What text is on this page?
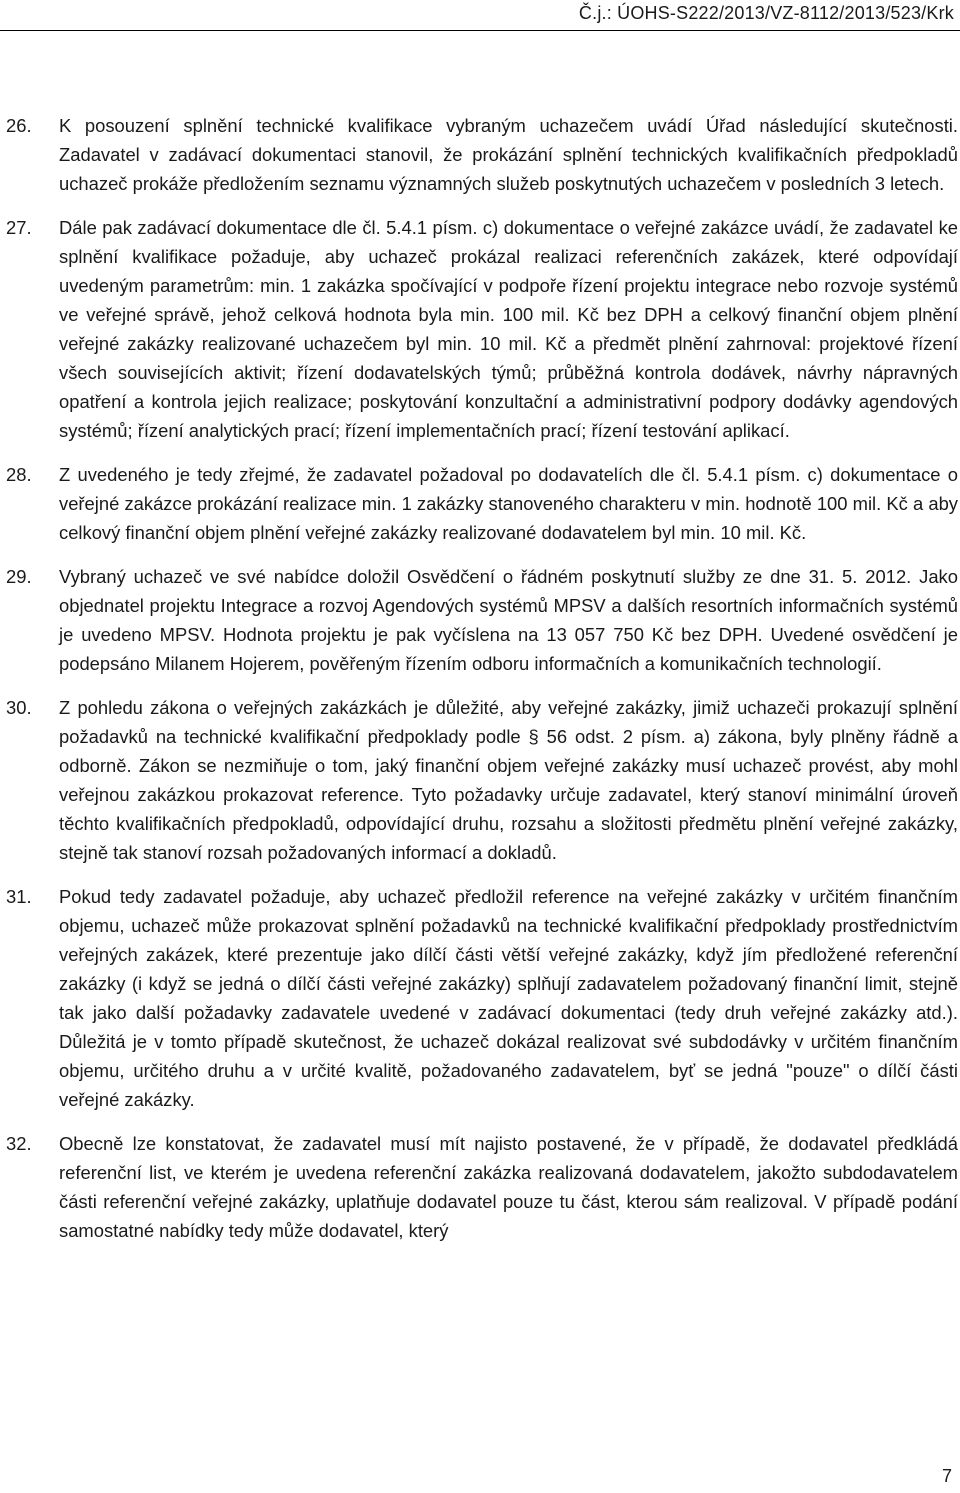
Č.j.: ÚOHS-S222/2013/VZ-8112/2013/523/Krk
26.	K posouzení splnění technické kvalifikace vybraným uchazečem uvádí Úřad následující skutečnosti. Zadavatel v zadávací dokumentaci stanovil, že prokázání splnění technických kvalifikačních předpokladů uchazeč prokáže předložením seznamu významných služeb poskytnutých uchazečem v posledních 3 letech.
27.	Dále pak zadávací dokumentace dle čl. 5.4.1 písm. c) dokumentace o veřejné zakázce uvádí, že zadavatel ke splnění kvalifikace požaduje, aby uchazeč prokázal realizaci referenčních zakázek, které odpovídají uvedeným parametrům: min. 1 zakázka spočívající v podpoře řízení projektu integrace nebo rozvoje systémů ve veřejné správě, jehož celková hodnota byla min. 100 mil. Kč bez DPH a celkový finanční objem plnění veřejné zakázky realizované uchazečem byl min. 10 mil. Kč a předmět plnění zahrnoval: projektové řízení všech souvisejících aktivit; řízení dodavatelských týmů; průběžná kontrola dodávek, návrhy nápravných opatření a kontrola jejich realizace; poskytování konzultační a administrativní podpory dodávky agendových systémů; řízení analytických prací; řízení implementačních prací; řízení testování aplikací.
28.	Z uvedeného je tedy zřejmé, že zadavatel požadoval po dodavatelích dle čl. 5.4.1 písm. c) dokumentace o veřejné zakázce prokázání realizace min. 1 zakázky stanoveného charakteru v min. hodnotě 100 mil. Kč a aby celkový finanční objem plnění veřejné zakázky realizované dodavatelem byl min. 10 mil. Kč.
29.	Vybraný uchazeč ve své nabídce doložil Osvědčení o řádném poskytnutí služby ze dne 31. 5. 2012. Jako objednatel projektu Integrace a rozvoj Agendových systémů MPSV a dalších resortních informačních systémů je uvedeno MPSV. Hodnota projektu je pak vyčíslena na 13 057 750 Kč bez DPH. Uvedené osvědčení je podepsáno Milanem Hojerem, pověřeným řízením odboru informačních a komunikačních technologií.
30.	Z pohledu zákona o veřejných zakázkách je důležité, aby veřejné zakázky, jimiž uchazeči prokazují splnění požadavků na technické kvalifikační předpoklady podle § 56 odst. 2 písm. a) zákona, byly plněny řádně a odborně. Zákon se nezmiňuje o tom, jaký finanční objem veřejné zakázky musí uchazeč provést, aby mohl veřejnou zakázkou prokazovat reference. Tyto požadavky určuje zadavatel, který stanoví minimální úroveň těchto kvalifikačních předpokladů, odpovídající druhu, rozsahu a složitosti předmětu plnění veřejné zakázky, stejně tak stanoví rozsah požadovaných informací a dokladů.
31.	Pokud tedy zadavatel požaduje, aby uchazeč předložil reference na veřejné zakázky v určitém finančním objemu, uchazeč může prokazovat splnění požadavků na technické kvalifikační předpoklady prostřednictvím veřejných zakázek, které prezentuje jako dílčí části větší veřejné zakázky, když jím předložené referenční zakázky (i když se jedná o dílčí části veřejné zakázky) splňují zadavatelem požadovaný finanční limit, stejně tak jako další požadavky zadavatele uvedené v zadávací dokumentaci (tedy druh veřejné zakázky atd.). Důležitá je v tomto případě skutečnost, že uchazeč dokázal realizovat své subdodávky v určitém finančním objemu, určitého druhu a v určité kvalitě, požadovaného zadavatelem, byť se jedná "pouze" o dílčí části veřejné zakázky.
32.	Obecně lze konstatovat, že zadavatel musí mít najisto postavené, že v případě, že dodavatel předkládá referenční list, ve kterém je uvedena referenční zakázka realizovaná dodavatelem, jakožto subdodavatelem části referenční veřejné zakázky, uplatňuje dodavatel pouze tu část, kterou sám realizoval. V případě podání samostatné nabídky tedy může dodavatel, který
7
